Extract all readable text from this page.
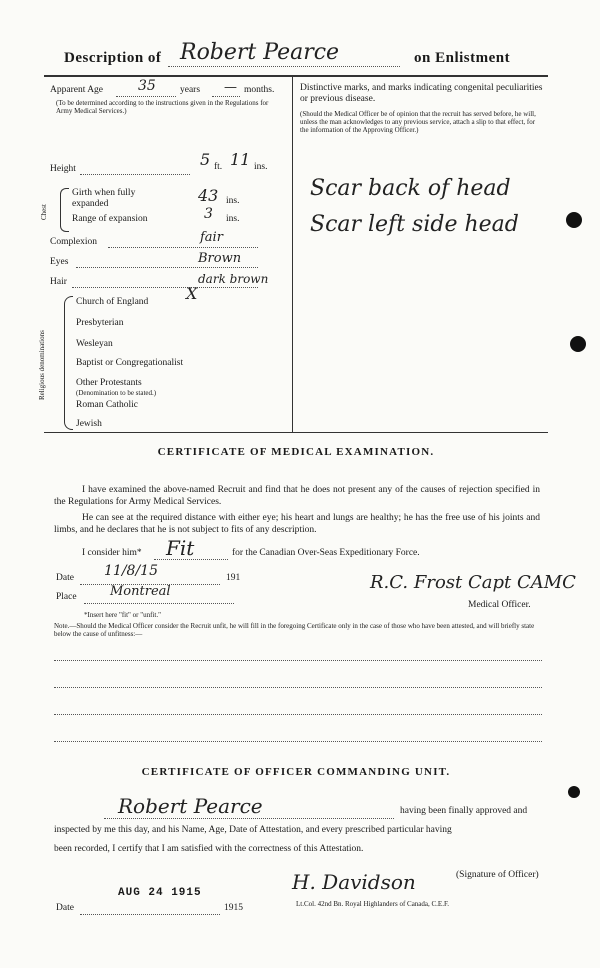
Description of Robert Pearce	on Enlistment
Apparent Age 35	years — months.
(To be determined according to the instructions given in the Regulations for Army Medical Services.)
Height	5 ft. 11 ins.
Chest
Girth when fully expanded	43 ins.
Range of expansion	3 ins.
Complexion	fair
Eyes	Brown
Hair	dark brown
Religious denominations
Church of England X
Presbyterian
Wesleyan
Baptist or Congregationalist
Other Protestants
(Denomination to be stated.)
Roman Catholic
Jewish
Distinctive marks, and marks indicating congenital peculiarities or previous disease.
(Should the Medical Officer be of opinion that the recruit has served before, he will, unless the man acknowledges to any previous service, attach a slip to that effect, for the information of the Approving Officer.)
Scar back of head
Scar left side head
CERTIFICATE OF MEDICAL EXAMINATION.
I have examined the above-named Recruit and find that he does not present any of the causes of rejection specified in the Regulations for Army Medical Services.
He can see at the required distance with either eye; his heart and lungs are healthy; he has the free use of his joints and limbs, and he declares that he is not subject to fits of any description.
I consider him* Fit	for the Canadian Over-Seas Expeditionary Force.
Date 11/8/15	191
Place	Montreal	R.C. Frost Capt CAMC
Medical Officer.
*Insert here "fit" or "unfit."
Note.—Should the Medical Officer consider the Recruit unfit, he will fill in the foregoing Certificate only in the case of those who have been attested, and will briefly state below the cause of unfitness:—
CERTIFICATE OF OFFICER COMMANDING UNIT.
Robert Pearce	having been finally approved and
inspected by me this day, and his Name, Age, Date of Attestation, and every prescribed particular having
been recorded, I certify that I am satisfied with the correctness of this Attestation.
(Signature of Officer)
AUG 24 1915
Date	1915
H. Davidson
Lt.Col. 42nd Bn. Royal Highlanders of Canada, C.E.F.
